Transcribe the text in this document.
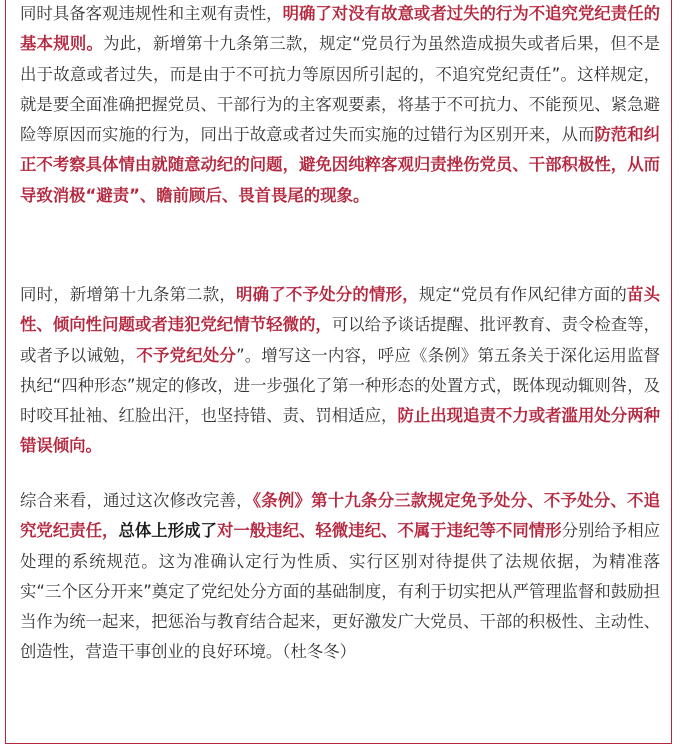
同时具备客观违规性和主观有责性，明确了对没有故意或者过失的行为不追究党纪责任的基本规则。为此，新增第十九条第三款，规定“党员行为虽然造成损失或者后果，但不是出于故意或者过失，而是由于不可抗力等原因所引起的，不追究党纪责任”。这样规定，就是要全面准确把握党员、干部行为的主客观要素，将基于不可抗力、不能预见、紧急避险等原因而实施的行为，同出于故意或者过失而实施的过错行为区别开来，从而防范和纠正不考察具体情由就随意动纪的问题，避免因纯粹客观归责挫伤党员、干部积极性，从而导致消极“避责”、瞻前顾后、畏首畏尾的现象。
同时，新增第十九条第二款，明确了不予处分的情形，规定“党员有作风纪律方面的苗头性、倾向性问题或者违犯党纪情节轻微的，可以给予谈话提醒、批评教育、责令检查等，或者予以诫勉，不予党纪处分”。增写这一内容，呼应《条例》第五条关于深化运用监督执纪“四种形态”规定的修改，进一步强化了第一种形态的处置方式，既体现动辄则咎，及时咬耳扯袖、红脸出汗，也坚持错、责、罚相适应，防止出现追责不力或者滥用处分两种错误倾向。
综合来看，通过这次修改完善，《条例》第十九条分三款规定免予处分、不予处分、不追究党纪责任，总体上形成了对一般违纪、轻微违纪、不属于违纪等不同情形分别给予相应处理的系统规范。这为准确认定行为性质、实行区别对待提供了法规依据，为精准落实“三个区分开来”奠定了党纪处分方面的基础制度，有利于切实把从严管理监督和鼓励担当作为统一起来，把惩治与教育结合起来，更好激发广大党员、干部的积极性、主动性、创造性，营造干事创业的良好环境。（杜冬冬）
